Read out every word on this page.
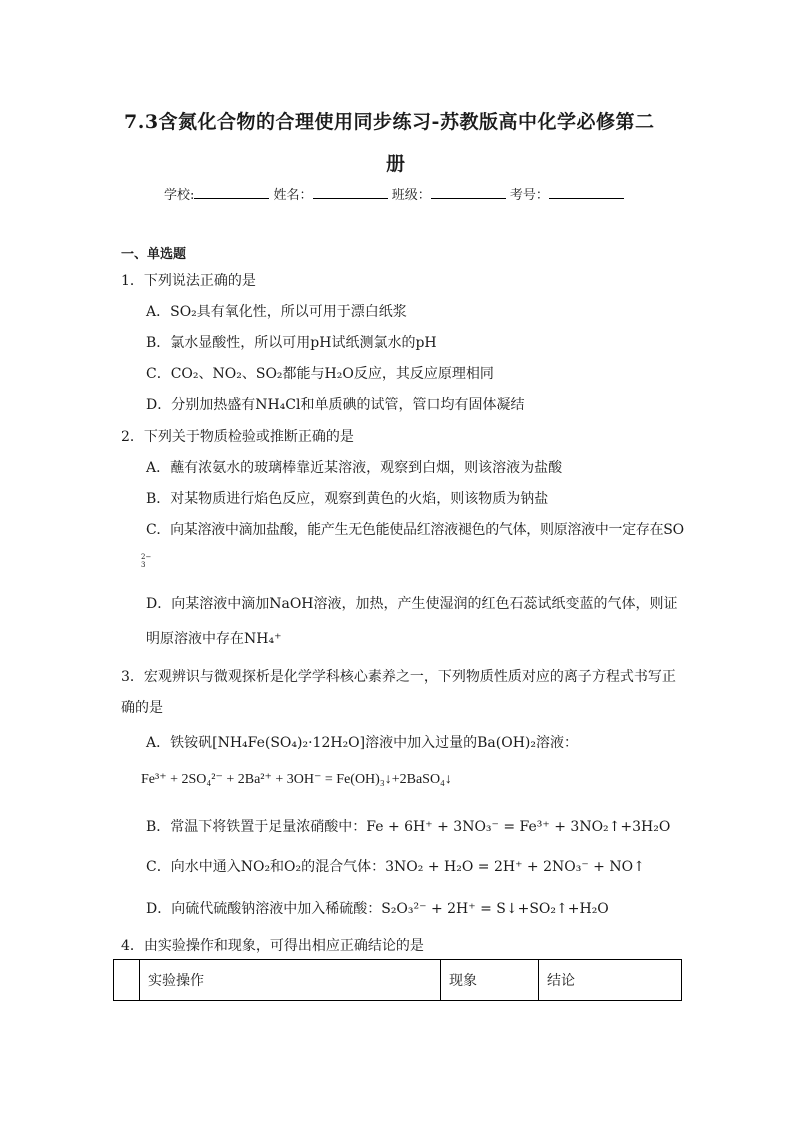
7.3含氮化合物的合理使用同步练习-苏教版高中化学必修第二
册
学校:	姓名：	班级：	考号：
一、单选题
1．下列说法正确的是
A．SO₂具有氧化性，所以可用于漂白纸浆
B．氯水显酸性，所以可用pH试纸测氯水的pH
C．CO₂、NO₂、SO₂都能与H₂O反应，其反应原理相同
D．分别加热盛有NH₄Cl和单质碘的试管，管口均有固体凝结
2．下列关于物质检验或推断正确的是
A．蘸有浓氨水的玻璃棒靠近某溶液，观察到白烟，则该溶液为盐酸
B．对某物质进行焰色反应，观察到黄色的火焰，则该物质为钠盐
C．向某溶液中滴加盐酸，能产生无色能使品红溶液褪色的气体，则原溶液中一定存在SO
2−
3
D．向某溶液中滴加NaOH溶液，加热，产生使湿润的红色石蕊试纸变蓝的气体，则证
明原溶液中存在NH₄⁺
3．宏观辨识与微观探析是化学学科核心素养之一，下列物质性质对应的离子方程式书写正
确的是
A．铁铵矾[NH₄Fe(SO₄)₂·12H₂O]溶液中加入过量的Ba(OH)₂溶液：
Fe³⁺ + 2SO₄²⁻ + 2Ba²⁺ + 3OH⁻ = Fe(OH)₃↓+2BaSO₄↓
B．常温下将铁置于足量浓硝酸中：Fe + 6H⁺ + 3NO₃⁻ = Fe³⁺ + 3NO₂↑+3H₂O
C．向水中通入NO₂和O₂的混合气体：3NO₂ + H₂O = 2H⁺ + 2NO₃⁻ + NO↑
D．向硫代硫酸钠溶液中加入稀硫酸：S₂O₃²⁻ + 2H⁺ = S↓+SO₂↑+H₂O
4．由实验操作和现象，可得出相应正确结论的是
	实验操作	现象	结论
